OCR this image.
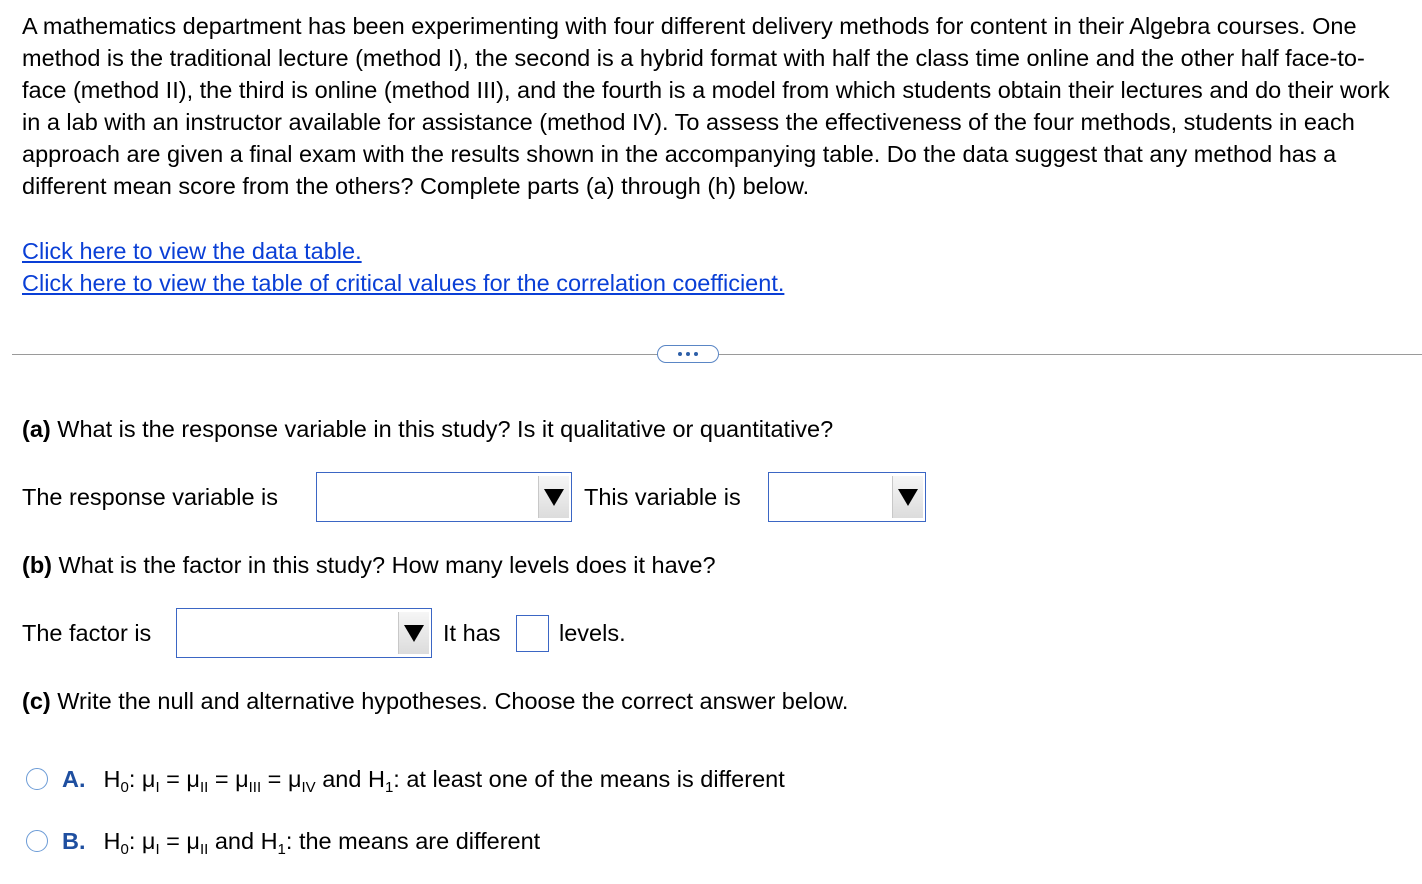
A mathematics department has been experimenting with four different delivery methods for content in their Algebra courses. One method is the traditional lecture (method I), the second is a hybrid format with half the class time online and the other half face-to-face (method II), the third is online (method III), and the fourth is a model from which students obtain their lectures and do their work in a lab with an instructor available for assistance (method IV). To assess the effectiveness of the four methods, students in each approach are given a final exam with the results shown in the accompanying table. Do the data suggest that any method has a different mean score from the others? Complete parts (a) through (h) below.

Click here to view the data table.
Click here to view the table of critical values for the correlation coefficient.
(a) What is the response variable in this study? Is it qualitative or quantitative?
The response variable is	This variable is
(b) What is the factor in this study? How many levels does it have?
The factor is	It has levels.
(c) Write the null and alternative hypotheses. Choose the correct answer below.
A. $H_0$: $\mu_I = \mu_{II} = \mu_{III} = \mu_{IV}$ and $H_1$: at least one of the means is different
B. $H_0$: $\mu_I = \mu_{II}$ and $H_1$: the means are different
